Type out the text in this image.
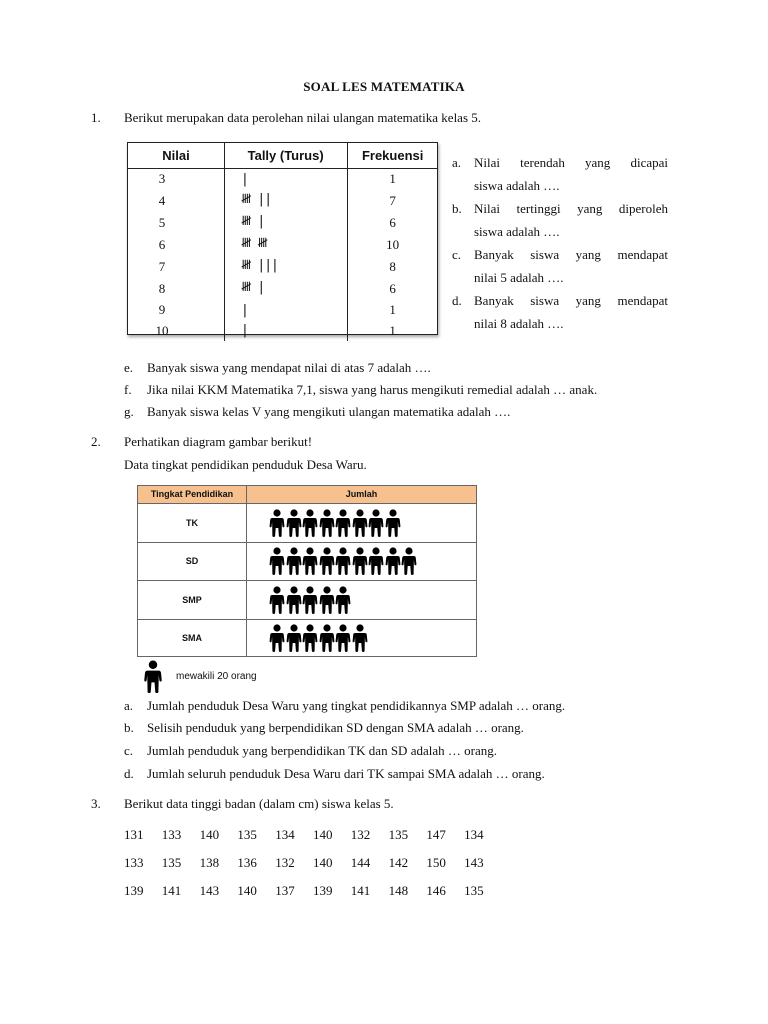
SOAL LES MATEMATIKA
1. Berikut merupakan data perolehan nilai ulangan matematika kelas 5.
Nilai	Tally (Turus)	Frekuensi
3	|	1
4	𝍸 ||	7
5	𝍸 |	6
6	𝍸 𝍸	10
7	𝍸 |||	8
8	𝍸 |	6
9	|	1
10	|	1
a. Nilai terendah yang dicapai
siswa adalah ….
b. Nilai tertinggi yang diperoleh
siswa adalah ….
c. Banyak siswa yang mendapat
nilai 5 adalah ….
d. Banyak siswa yang mendapat
nilai 8 adalah ….
e. Banyak siswa yang mendapat nilai di atas 7 adalah ….
f. Jika nilai KKM Matematika 7,1, siswa yang harus mengikuti remedial adalah … anak.
g. Banyak siswa kelas V yang mengikuti ulangan matematika adalah ….
2. Perhatikan diagram gambar berikut!
Data tingkat pendidikan penduduk Desa Waru.
Tingkat Pendidikan	Jumlah
TK
SD
SMP
SMA
mewakili 20 orang
a. Jumlah penduduk Desa Waru yang tingkat pendidikannya SMP adalah … orang.
b. Selisih penduduk yang berpendidikan SD dengan SMA adalah … orang.
c. Jumlah penduduk yang berpendidikan TK dan SD adalah … orang.
d. Jumlah seluruh penduduk Desa Waru dari TK sampai SMA adalah … orang.
3. Berikut data tinggi badan (dalam cm) siswa kelas 5.
131 133 140 135 134 140 132 135 147 134
133 135 138 136 132 140 144 142 150 143
139 141 143 140 137 139 141 148 146 135
